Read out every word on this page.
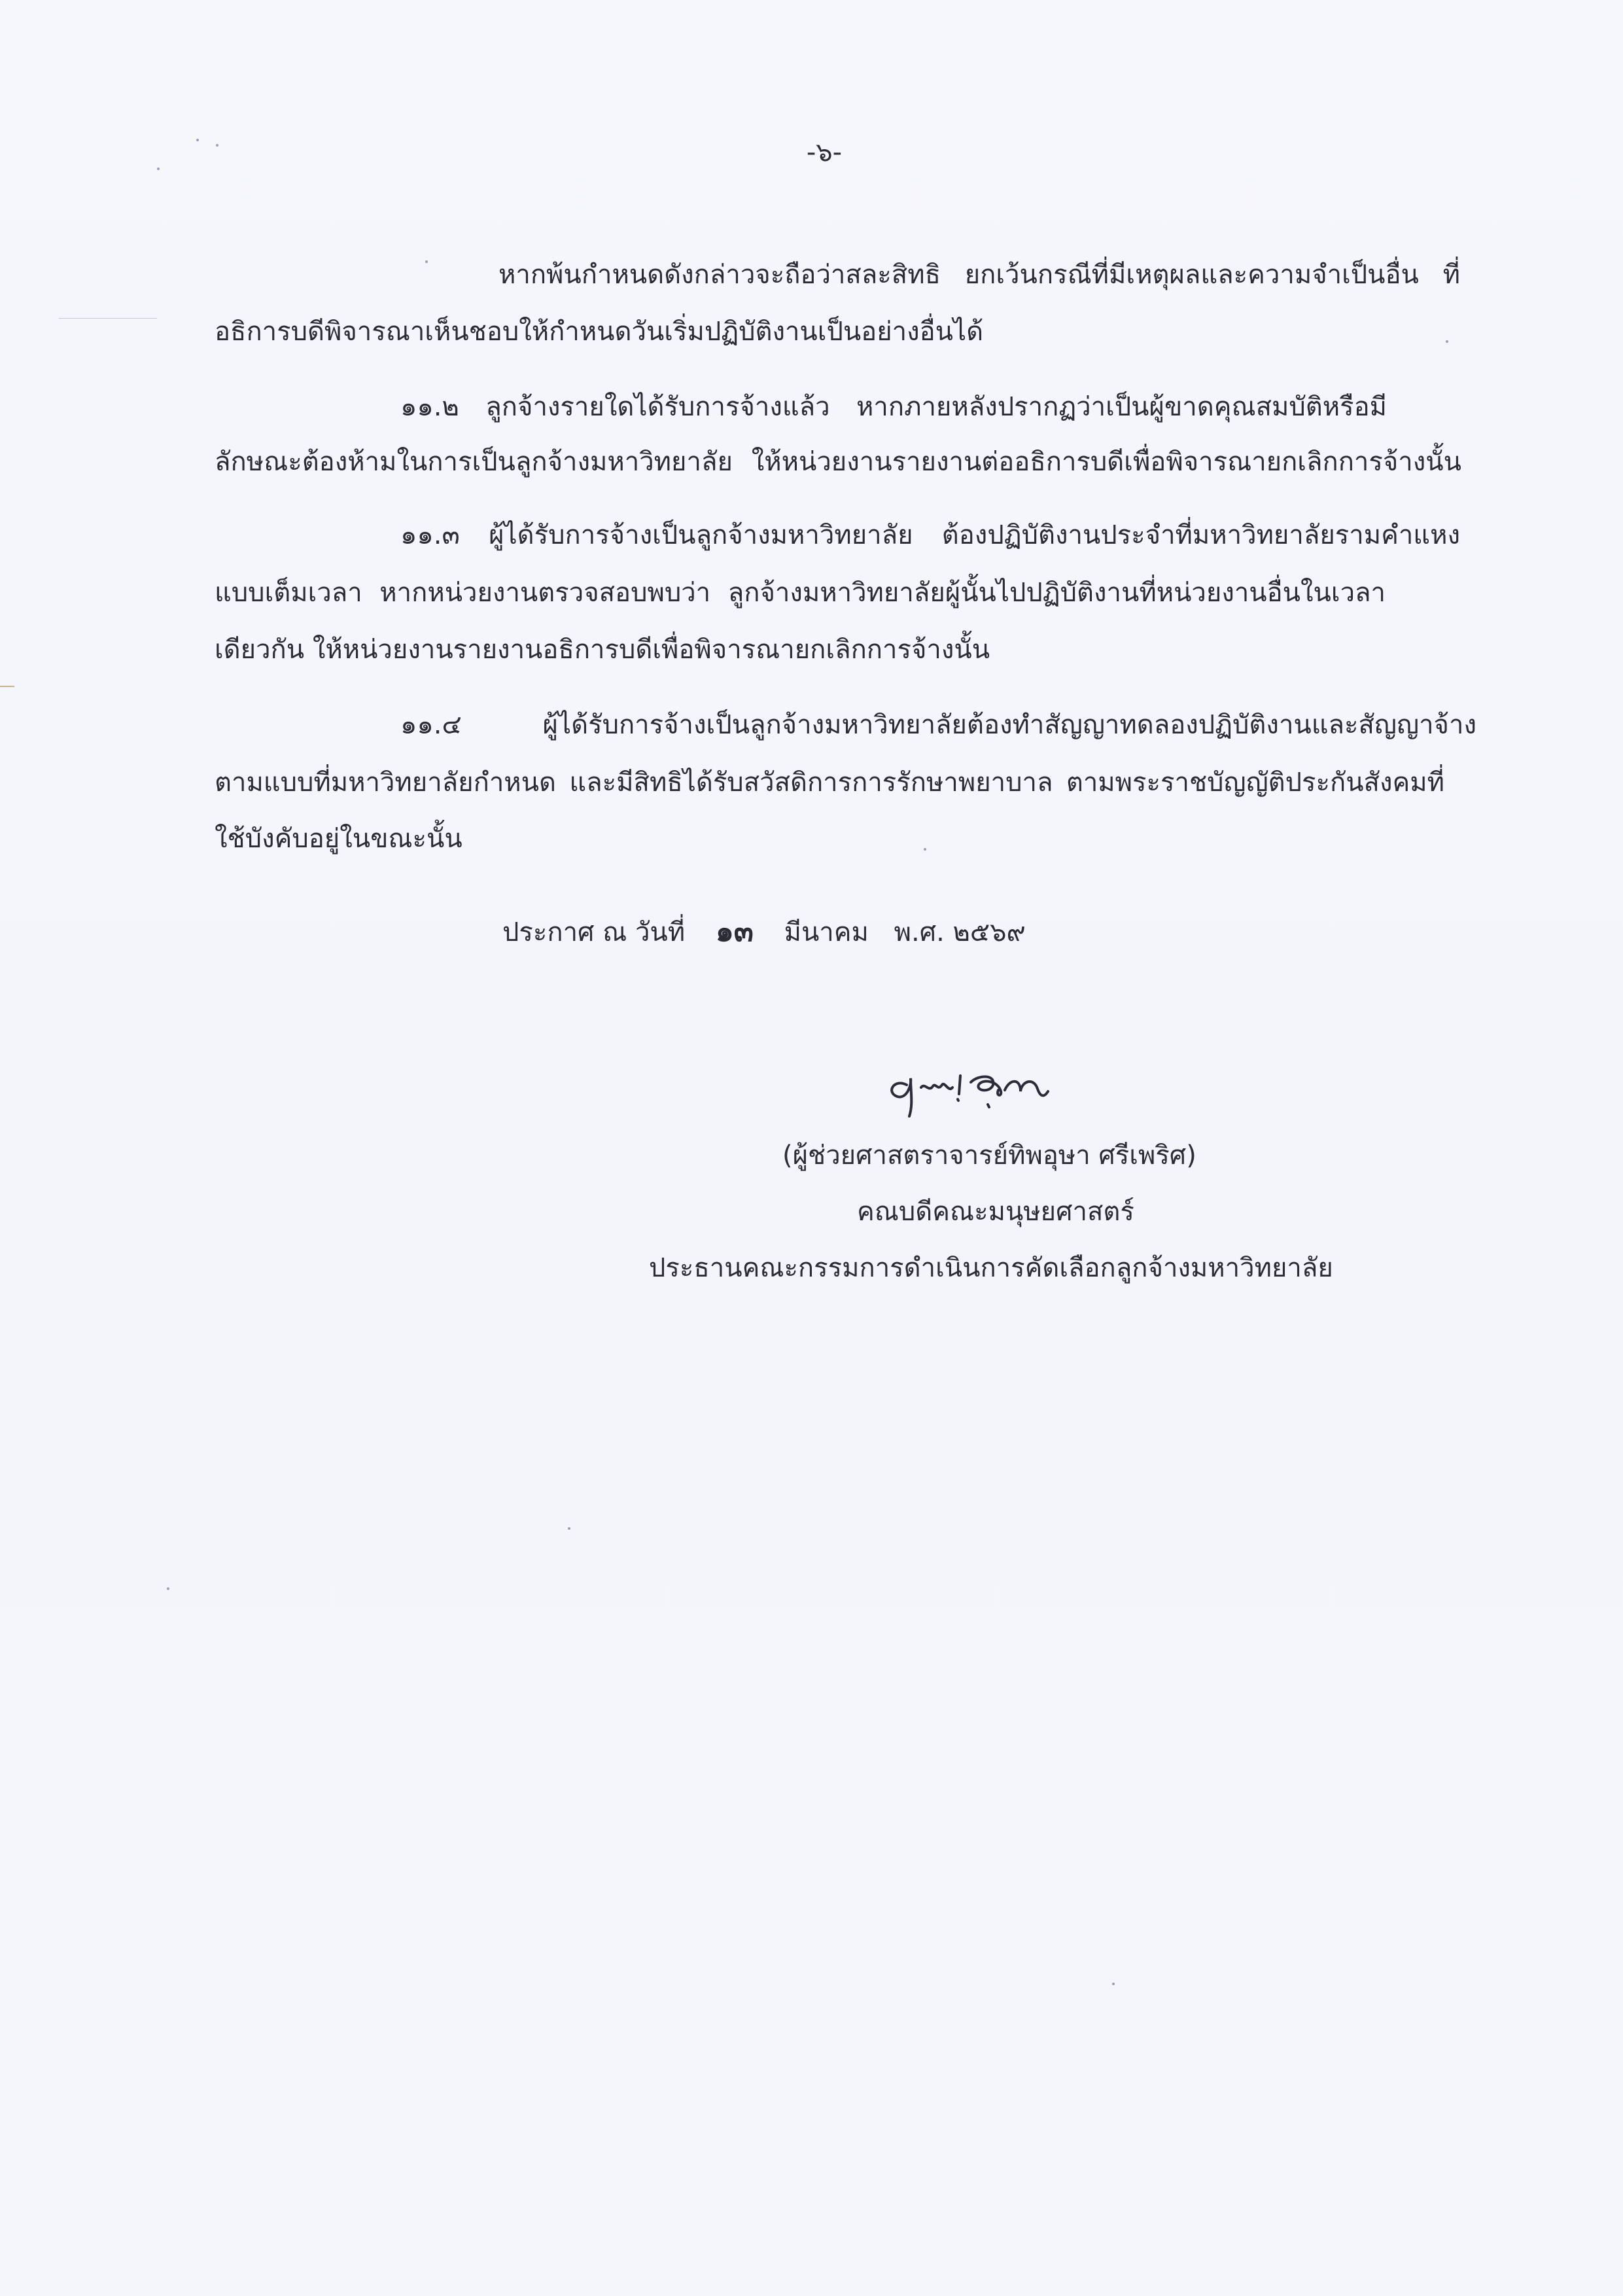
-๖-
หากพ้นกำหนดดังกล่าวจะถือว่าสละสิทธิ ยกเว้นกรณีที่มีเหตุผลและความจำเป็นอื่น ที่
อธิการบดีพิจารณาเห็นชอบให้กำหนดวันเริ่มปฏิบัติงานเป็นอย่างอื่นได้
๑๑.๒ ลูกจ้างรายใดได้รับการจ้างแล้ว หากภายหลังปรากฏว่าเป็นผู้ขาดคุณสมบัติหรือมี
ลักษณะต้องห้ามในการเป็นลูกจ้างมหาวิทยาลัย ให้หน่วยงานรายงานต่ออธิการบดีเพื่อพิจารณายกเลิกการจ้างนั้น
๑๑.๓ ผู้ได้รับการจ้างเป็นลูกจ้างมหาวิทยาลัย ต้องปฏิบัติงานประจำที่มหาวิทยาลัยรามคำแหง
แบบเต็มเวลา หากหน่วยงานตรวจสอบพบว่า ลูกจ้างมหาวิทยาลัยผู้นั้นไปปฏิบัติงานที่หน่วยงานอื่นในเวลา
เดียวกัน ให้หน่วยงานรายงานอธิการบดีเพื่อพิจารณายกเลิกการจ้างนั้น
๑๑.๔ ผู้ได้รับการจ้างเป็นลูกจ้างมหาวิทยาลัยต้องทำสัญญาทดลองปฏิบัติงานและสัญญาจ้าง
ตามแบบที่มหาวิทยาลัยกำหนด และมีสิทธิได้รับสวัสดิการการรักษาพยาบาล ตามพระราชบัญญัติประกันสังคมที่
ใช้บังคับอยู่ในขณะนั้น
ประกาศ ณ วันที่ ๑๓ มีนาคม พ.ศ. ๒๕๖๙
(ผู้ช่วยศาสตราจารย์ทิพอุษา ศรีเพริศ)
คณบดีคณะมนุษยศาสตร์
ประธานคณะกรรมการดำเนินการคัดเลือกลูกจ้างมหาวิทยาลัย
